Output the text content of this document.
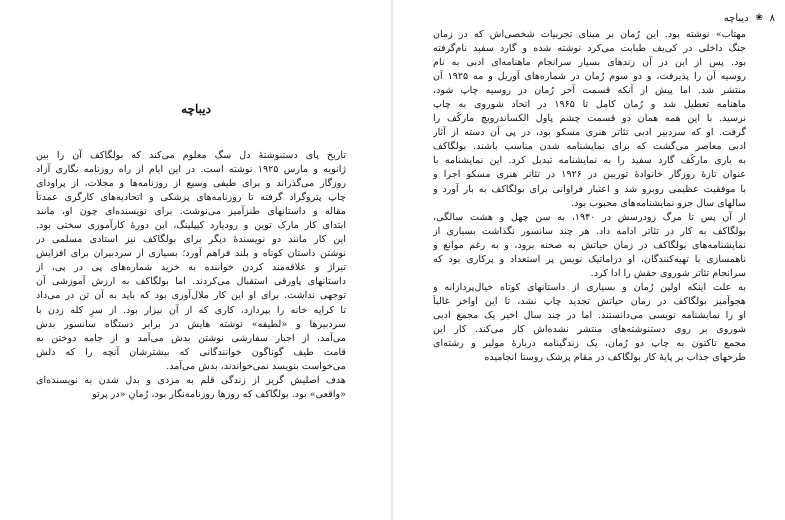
دیباچه

تاریخ پای دستنوشتهٔ دل سگ معلوم می‌کند که بولگاکف آن را بین
ژانویه و مارس ۱۹۲۵ نوشته است. در این ایام از راه روزنامه نگاری آزاد
روزگار می‌گذراند و برای طیفی وسیع از روزنامه‌ها و مجلات، از پراودای
چاپ پتروگراد گرفته تا روزنامه‌های پزشکی و اتحادیه‌های کارگری عمدتاً
مقاله و داستانهای طنزآمیز می‌نوشت. برای نویسنده‌ای چون او، مانند
ابتدای کار مارک توین و رودیارد کیپلینگ، این دورهٔ کارآموزی سختی بود.
این کار مانند دو نویسندهٔ دیگر برای بولگاکف نیز استادی مسلمی در
نوشتن داستان کوتاه و بلند فراهم آورد؛ بسیاری از سردبیران برای افزایش
تیراژ و علاقه‌مند کردن خواننده به خرید شماره‌های پی در پی، از
داستانهای پاورقی استقبال می‌کردند. اما بولگاکف به ارزش آموزشی آن
توجهی نداشت. برای او این کار ملال‌آوری بود که باید به آن تن در می‌داد
تا کرایه خانه را بپردازد، کاری که از آن بیزار بود. از سرِ کله زدن با
سردبیرها و «لطیفه» نوشته هایش در برابر دستگاه سانسور بدش
می‌آمد، از اجبار سفارشی نوشتن بدش می‌آمد و از جامه دوختن به
قامت طیف گوناگون خوانندگانی که بیشترشان آنچه را که دلش
می‌خواست بنویسد نمی‌خواندند، بدش می‌آمد.

هدف اصلیش گریز از زندگی قلم به مزدی و بدل شدن به نویسنده‌ای
«واقعی» بود. بولگاکف که روزها روزنامه‌نگار بود، رُمانِ «در پرتو

۸
❀
دیباچه

مهتاب» نوشته بود. این رُمان بر مبنای تجربیات شخصی‌اش که در زمان
جنگ داخلی در کی‌یف طبابت می‌کرد نوشته شده و گارد سفید نام‌گرفته
بود. پس از این در آن زندهای بسیار سرانجام ماهنامه‌ای ادبی به نام
روسیه آن را پذیرفت، و دو سوم رُمان در شماره‌های آوریل و مه ۱۹۲۵ آن
منتشر شد. اما پیش از آنکه قسمت آخر رُمان در روسیه چاپ شود،
ماهنامه تعطیل شد و رُمان کامل تا ۱۹۶۵ در اتحاد شوروی به چاپ
نرسید. با این همه همان دو قسمت چشم پاول الکساندرویچ مارکُف را
گرفت. او که سردبیر ادبی تئاتر هنری مسکو بود، در پی آن دسته از آثار
ادبی معاصر می‌گشت که برای نمایشنامه شدن مناسب باشند. بولگاکف
به یاری مارکُف گارد سفید را به نمایشنامه تبدیل کرد. این نمایشنامه با
عنوان تازهٔ روزگار خانوادهٔ توربین در ۱۹۲۶ در تئاتر هنری مسکو اجرا و
با موفقیت عظیمی روبرو شد و اعتبار فراوانی برای بولگاکف به بار آورد و
سالهای سال جزو نمایشنامه‌های محبوب بود.

از آن پس تا مرگ زودرسش در ۱۹۴۰، به سن چهل و هشت سالگی،
بولگاکف به کار در تئاتر ادامه داد. هر چند سانسور نگذاشت بسیاری از
نمایشنامه‌های بولگاکف در زمان حیاتش به صحنه برود، و به رغم موانع و
ناهمسازی با تهیه‌کنندگان، او دراماتیک نویس پر استعداد و پرکاری بود که
سرانجام تئاتر شوروی حقش را ادا کرد.

به علت اینکه اولین رُمان و بسیاری از داستانهای کوتاه خیال‌پردازانه و
هجوآمیز بولگاکف در زمان حیاتش تجدید چاپ نشد، تا این اواخر غالباً
او را نمایشنامه نویسی می‌دانستند. اما در چند سال اخیر یک مجمع ادبی
شوروی بر روی دستنوشته‌های منتشر نشده‌اش کار می‌کند. کار این
مجمع تاکنون به چاپ دو رُمان، یک زندگینامه دربارهٔ مولیر و رشته‌ای
طرحهای جذاب بر پایهٔ کار بولگاکف در مقام پزشک روستا انجامیده
